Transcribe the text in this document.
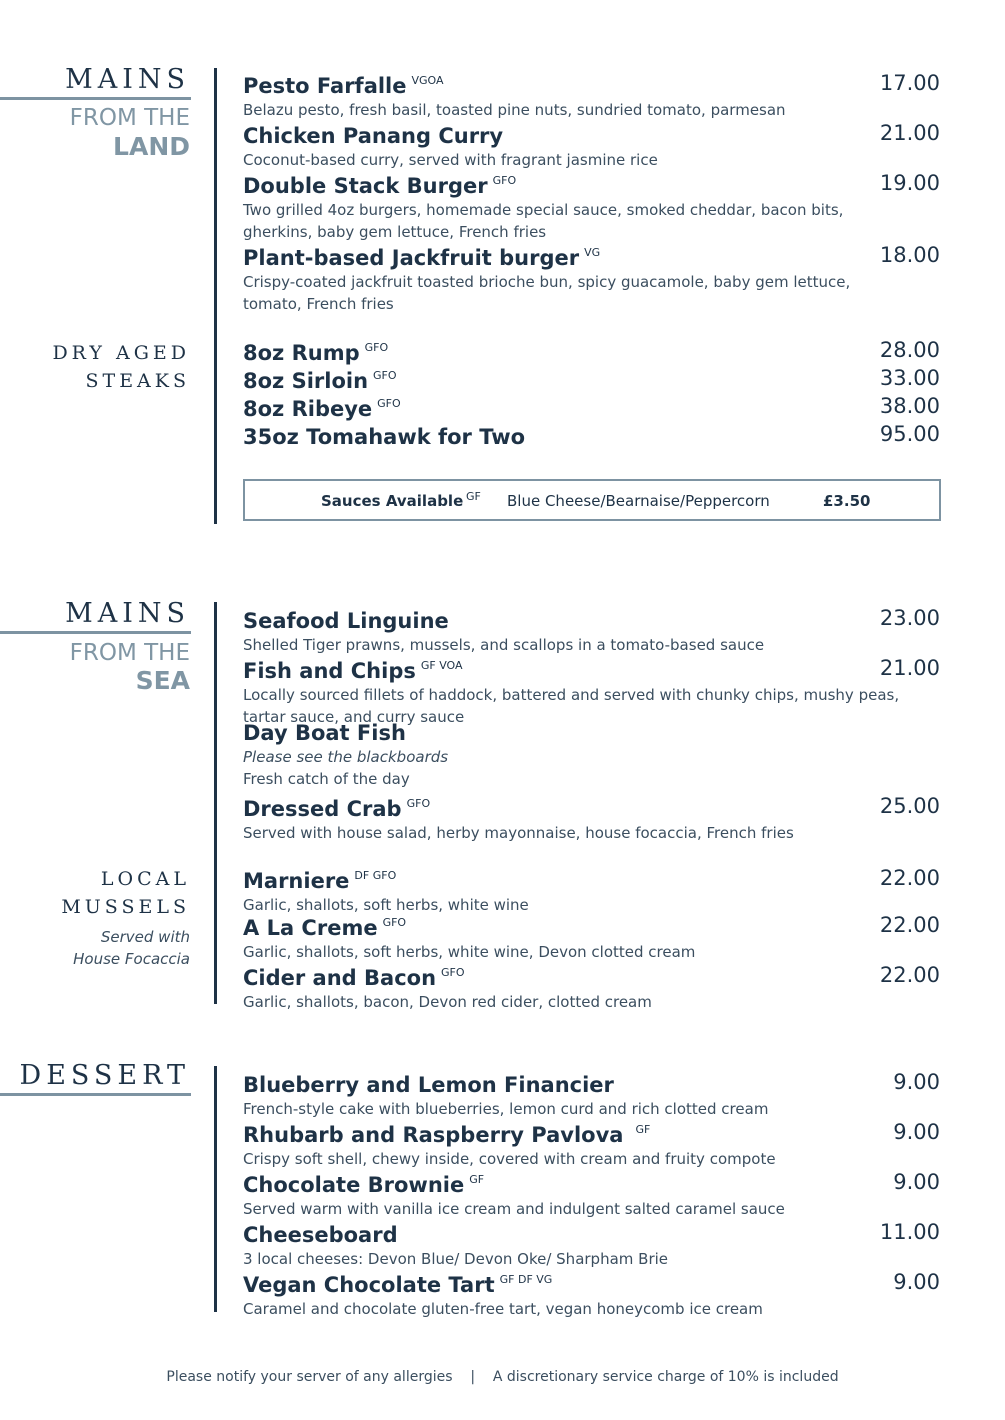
MAINS
FROM THE
LAND
Pesto Farfalle $^{VGOA}$	17.00
Belazu pesto, fresh basil, toasted pine nuts, sundried tomato, parmesan
Chicken Panang Curry	21.00
Coconut-based curry, served with fragrant jasmine rice
Double Stack Burger $^{GFO}$	19.00
Two grilled 4oz burgers, homemade special sauce, smoked cheddar, bacon bits, gherkins, baby gem lettuce, French fries
Plant-based Jackfruit burger $^{VG}$	18.00
Crispy-coated jackfruit toasted brioche bun, spicy guacamole, baby gem lettuce, tomato, French fries
DRY AGED
STEAKS
8oz Rump $^{GFO}$	28.00
8oz Sirloin $^{GFO}$	33.00
8oz Ribeye $^{GFO}$	38.00
35oz Tomahawk for Two	95.00
Sauces Available GF Blue Cheese/Bearnaise/Peppercorn	£3.50
MAINS
FROM THE
SEA
Seafood Linguine	23.00
Shelled Tiger prawns, mussels, and scallops in a tomato-based sauce
Fish and Chips $^{GF VOA}$	21.00
Locally sourced fillets of haddock, battered and served with chunky chips, mushy peas, tartar sauce, and curry sauce
Day Boat Fish
Please see the blackboards
Fresh catch of the day
Dressed Crab $^{GFO}$	25.00
Served with house salad, herby mayonnaise, house focaccia, French fries
LOCAL
MUSSELS
Served with
House Focaccia
Marniere $^{DF GFO}$	22.00
Garlic, shallots, soft herbs, white wine
A La Creme $^{GFO}$	22.00
Garlic, shallots, soft herbs, white wine, Devon clotted cream
Cider and Bacon $^{GFO}$	22.00
Garlic, shallots, bacon, Devon red cider, clotted cream
DESSERT	Blueberry and Lemon Financier	9.00
French-style cake with blueberries, lemon curd and rich clotted cream
Rhubarb and Raspberry Pavlova $^{GF}$	9.00
Crispy soft shell, chewy inside, covered with cream and fruity compote
Chocolate Brownie $^{GF}$	9.00
Served warm with vanilla ice cream and indulgent salted caramel sauce
Cheeseboard	11.00
3 local cheeses: Devon Blue/ Devon Oke/ Sharpham Brie
Vegan Chocolate Tart $^{GF DF VG}$	9.00
Caramel and chocolate gluten-free tart, vegan honeycomb ice cream
Please notify your server of any allergies | A discretionary service charge of 10% is included
